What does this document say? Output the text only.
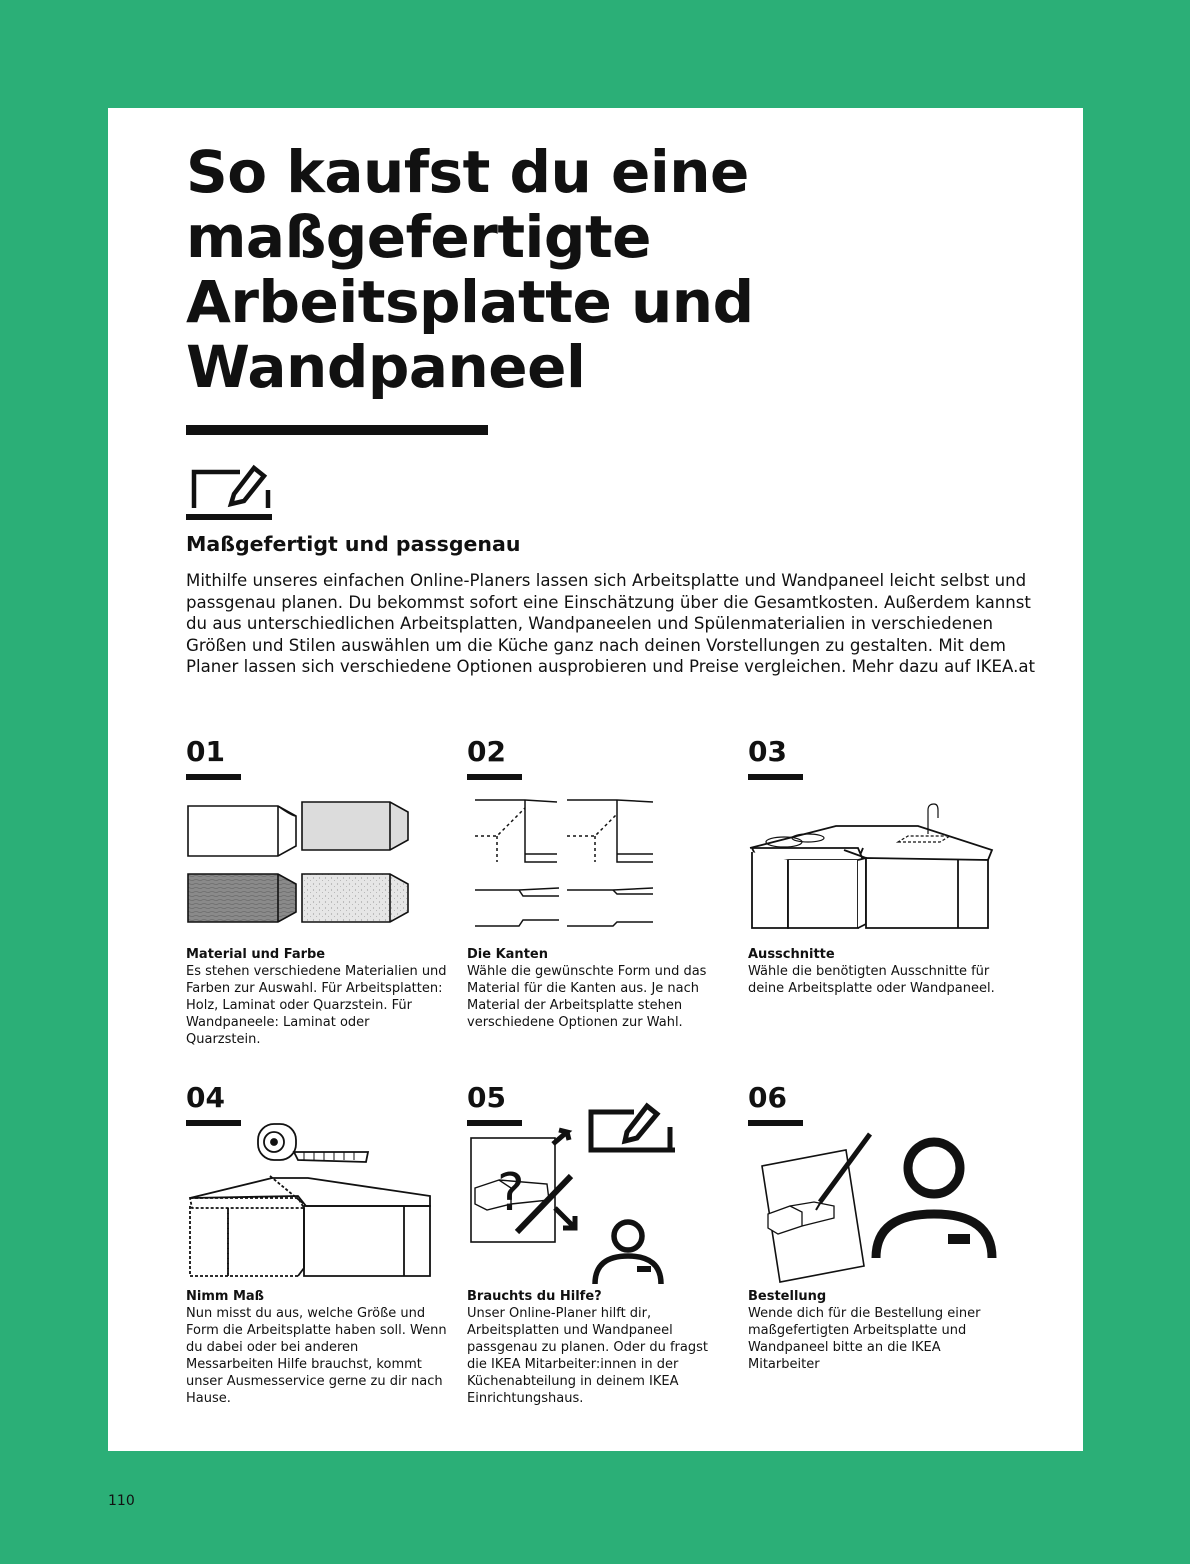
So kaufst du eine maßgefertigte Arbeitsplatte und Wandpaneel
Maßgefertigt und passgenau

Mithilfe unseres einfachen Online-Planers lassen sich Arbeitsplatte und Wandpaneel leicht selbst und passgenau planen. Du bekommst sofort eine Einschätzung über die Gesamtkosten. Außerdem kannst du aus unterschiedlichen Arbeitsplatten, Wandpaneelen und Spülenmaterialien in verschiedenen Größen und Stilen auswählen um die Küche ganz nach deinen Vorstellungen zu gestalten. Mit dem Planer lassen sich verschiedene Optionen ausprobieren und Preise vergleichen. Mehr dazu auf IKEA.at

01
Material und Farbe

Es stehen verschiedene Materialien und Farben zur Auswahl. Für Arbeitsplatten: Holz, Laminat oder Quarzstein. Für Wandpaneele: Laminat oder Quarzstein.

02
Die Kanten

Wähle die gewünschte Form und das Material für die Kanten aus. Je nach Material der Arbeitsplatte stehen verschiedene Optionen zur Wahl.

03
Ausschnitte

Wähle die benötigten Ausschnitte für deine Arbeitsplatte oder Wandpaneel.

04
Nimm Maß

Nun misst du aus, welche Größe und Form die Arbeitsplatte haben soll. Wenn du dabei oder bei anderen Messarbeiten Hilfe brauchst, kommt unser Ausmesservice gerne zu dir nach Hause.

05
?
Brauchts du Hilfe?

Unser Online-Planer hilft dir, Arbeitsplatten und Wandpaneel passgenau zu planen. Oder du fragst die IKEA Mitarbeiter:innen in der Küchenabteilung in deinem IKEA Einrichtungshaus.

06
Bestellung

Wende dich für die Bestellung einer maßgefertigten Arbeitsplatte und Wandpaneel bitte an die IKEA Mitarbeiter

110
